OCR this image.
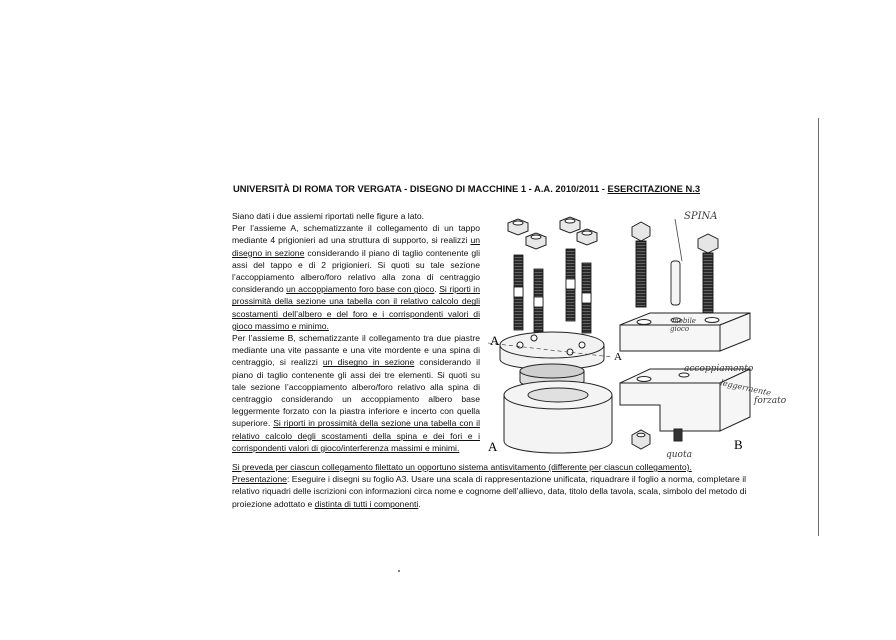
UNIVERSITÀ DI ROMA TOR VERGATA - DISEGNO DI MACCHINE 1 - A.A. 2010/2011 - ESERCITAZIONE N.3

Siano dati i due assiemi riportati nelle figure a lato.

Per l’assieme A, schematizzante il collegamento di un tappo mediante 4 prigionieri ad una struttura di supporto, si realizzi un disegno in sezione considerando il piano di taglio contenente gli assi del tappo e di 2 prigionieri. Si quoti su tale sezione l’accoppiamento albero/foro relativo alla zona di centraggio considerando un accoppiamento foro base con gioco. Si riporti in prossimità della sezione una tabella con il relativo calcolo degli scostamenti dell’albero e del foro e i corrispondenti valori di gioco massimo e minimo.

Per l’assieme B, schematizzante il collegamento tra due piastre mediante una vite passante e una vite mordente e una spina di centraggio, si realizzi un disegno in sezione considerando il piano di taglio contenente gli assi dei tre elementi. Si quoti su tale sezione l’accoppiamento albero/foro relativo alla spina di centraggio considerando un accoppiamento albero base leggermente forzato con la piastra inferiore e incerto con quella superiore. Si riporti in prossimità della sezione una tabella con il relativo calcolo degli scostamenti della spina e dei fori e i corrispondenti valori di gioco/interferenza massimi e minimi.

Si preveda per ciascun collegamento filettato un opportuno sistema antisvitamento (differente per ciascun collegamento).

Presentazione: Eseguire i disegni su foglio A3. Usare una scala di rappresentazione unificata, riquadrare il foglio a norma, completare il relativo riquadri delle iscrizioni con informazioni circa nome e cognome dell’allievo, data, titolo della tavola, scala, simbolo del metodo di proiezione adottato e distinta di tutti i componenti.

A
A
A	B
SPINA
mobile
gioco
accoppiamento
leggermente
forzato
quota
